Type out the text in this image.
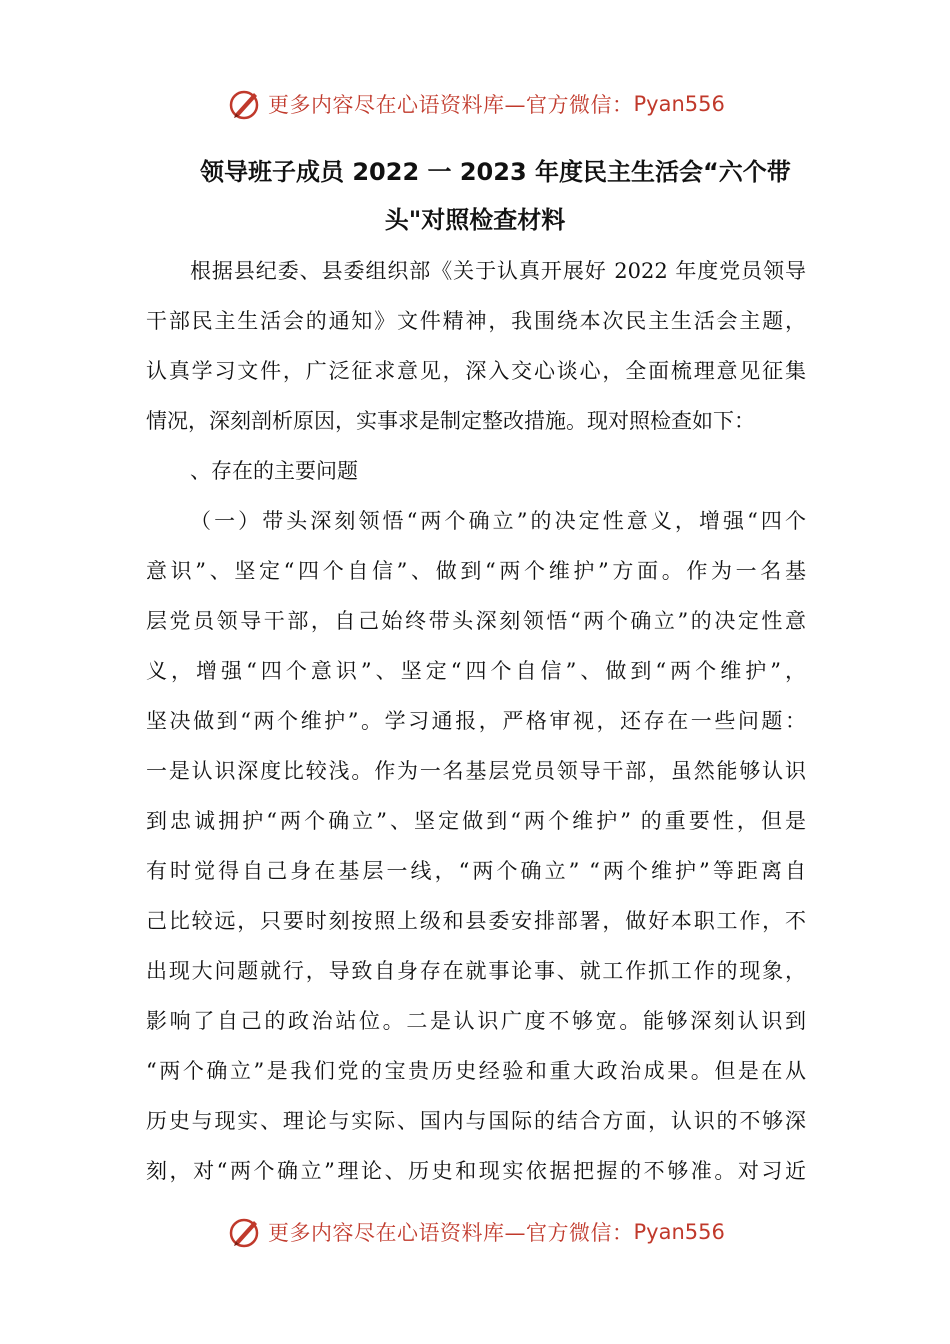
更多内容尽在心语资料库—官方微信： Pyan556
领导班子成员 2022 一 2023 年度民主生活会“六个带
头"对照检查材料
根据县纪委、县委组织部《关于认真开展好 2022 年度党员领导
干部民主生活会的通知》文件精神，我围绕本次民主生活会主题，
认真学习文件，广泛征求意见，深入交心谈心，全面梳理意见征集
情况，深刻剖析原因，实事求是制定整改措施。现对照检查如下：
、存在的主要问题
（一）带头深刻领悟“两个确立”的决定性意义，增强“四个
意识”、坚定“四个自信”、做到“两个维护”方面。作为一名基
层党员领导干部，自己始终带头深刻领悟“两个确立”的决定性意
义，增强“四个意识”、坚定“四个自信”、做到“两个维护”，
坚决做到“两个维护”。学习通报，严格审视，还存在一些问题：
一是认识深度比较浅。作为一名基层党员领导干部，虽然能够认识
到忠诚拥护“两个确立”、坚定做到“两个维护” 的重要性，但是
有时觉得自己身在基层一线，“两个确立” “两个维护”等距离自
己比较远，只要时刻按照上级和县委安排部署，做好本职工作，不
出现大问题就行，导致自身存在就事论事、就工作抓工作的现象，
影响了自己的政治站位。二是认识广度不够宽。能够深刻认识到
“两个确立”是我们党的宝贵历史经验和重大政治成果。但是在从
历史与现实、理论与实际、国内与国际的结合方面，认识的不够深
刻，对“两个确立”理论、历史和现实依据把握的不够准。对习近
更多内容尽在心语资料库—官方微信： Pyan556
